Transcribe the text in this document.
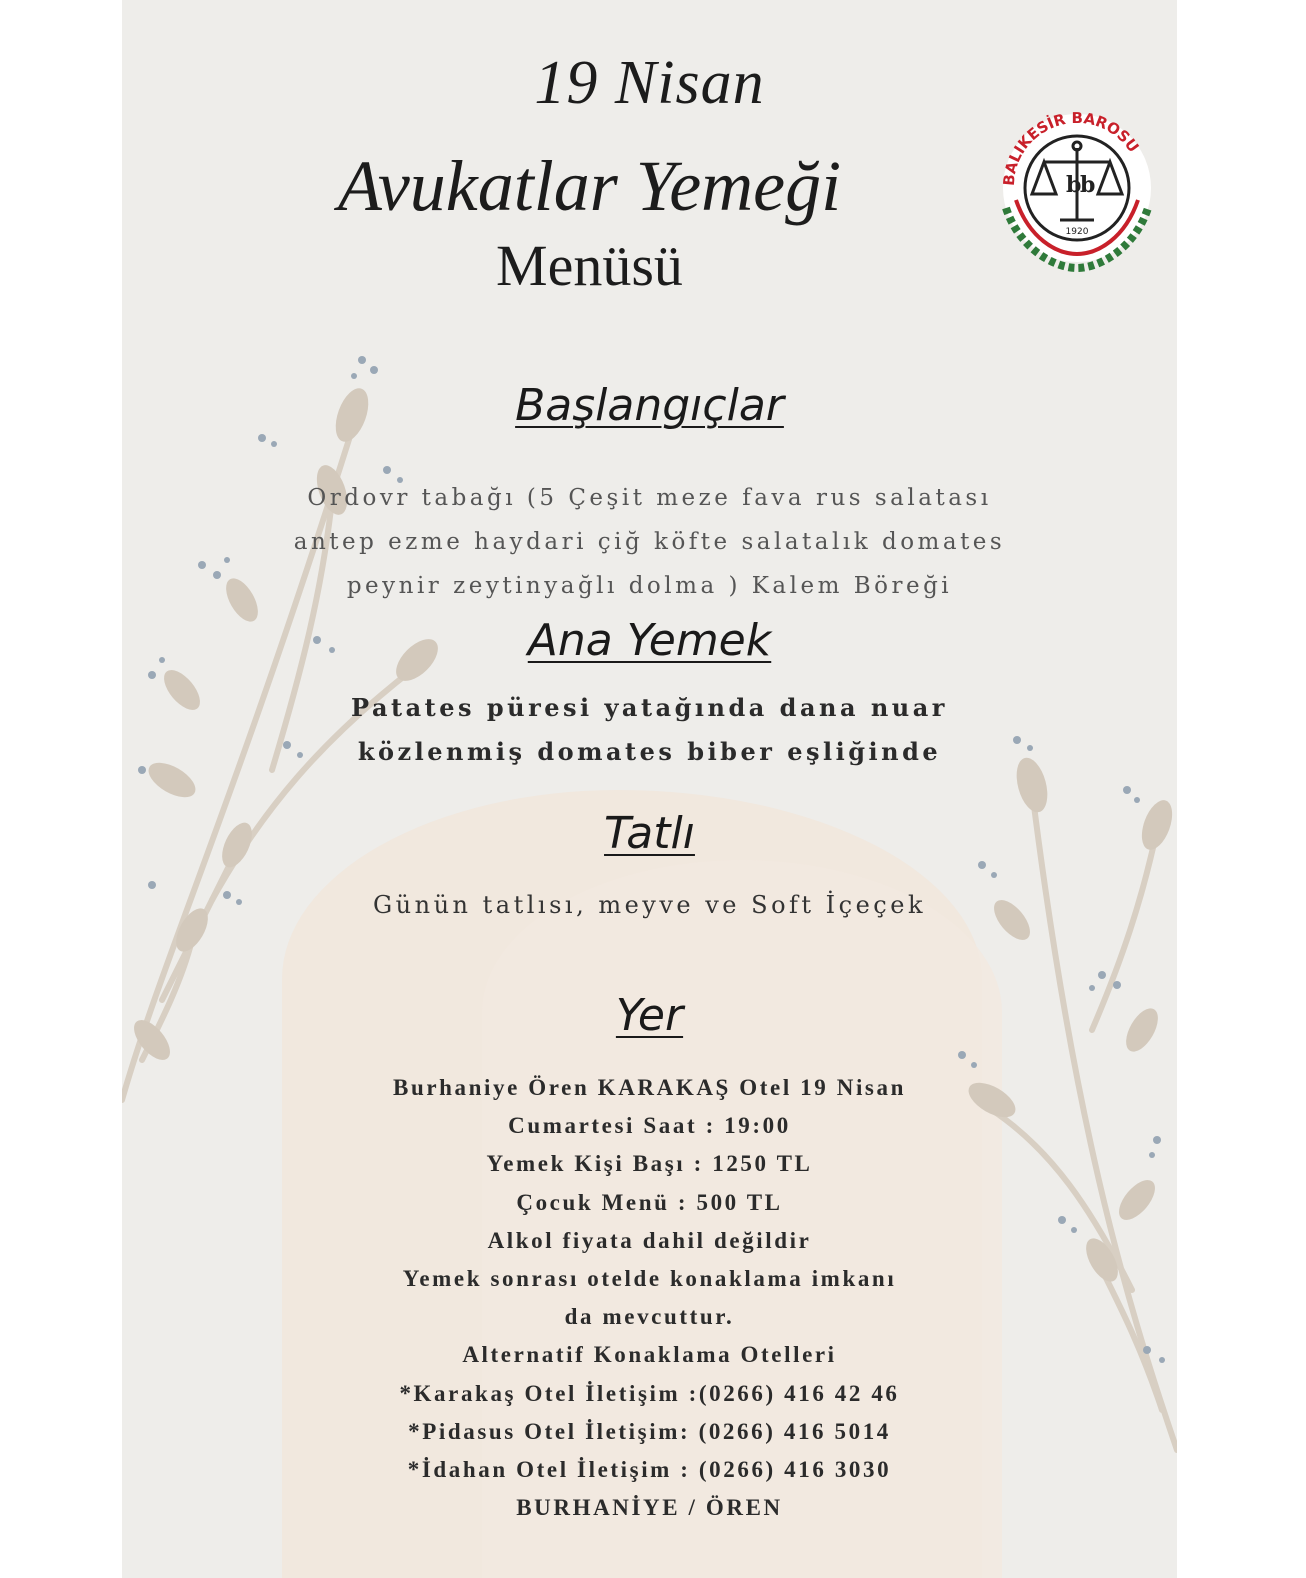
19 Nisan
Avukatlar Yemeği
Menüsü
BALIKESİR BAROSU
b
b
1920
Başlangıçlar
Ordovr tabağı (5 Çeşit meze fava rus salatası
antep ezme haydari çiğ köfte salatalık domates
peynir zeytinyağlı dolma ) Kalem Böreği
Ana Yemek
Patates püresi yatağında dana nuar
közlenmiş domates biber eşliğinde
Tatlı
Günün tatlısı, meyve ve Soft İçeçek
Yer
Burhaniye Ören KARAKAŞ Otel 19 Nisan
Cumartesi Saat : 19:00
Yemek Kişi Başı : 1250 TL
Çocuk Menü : 500 TL
Alkol fiyata dahil değildir
Yemek sonrası otelde konaklama imkanı
da mevcuttur.
Alternatif Konaklama Otelleri
*Karakaş Otel İletişim :(0266) 416 42 46
*Pidasus Otel İletişim: (0266) 416 5014
*İdahan Otel İletişim : (0266) 416 3030
BURHANİYE / ÖREN
